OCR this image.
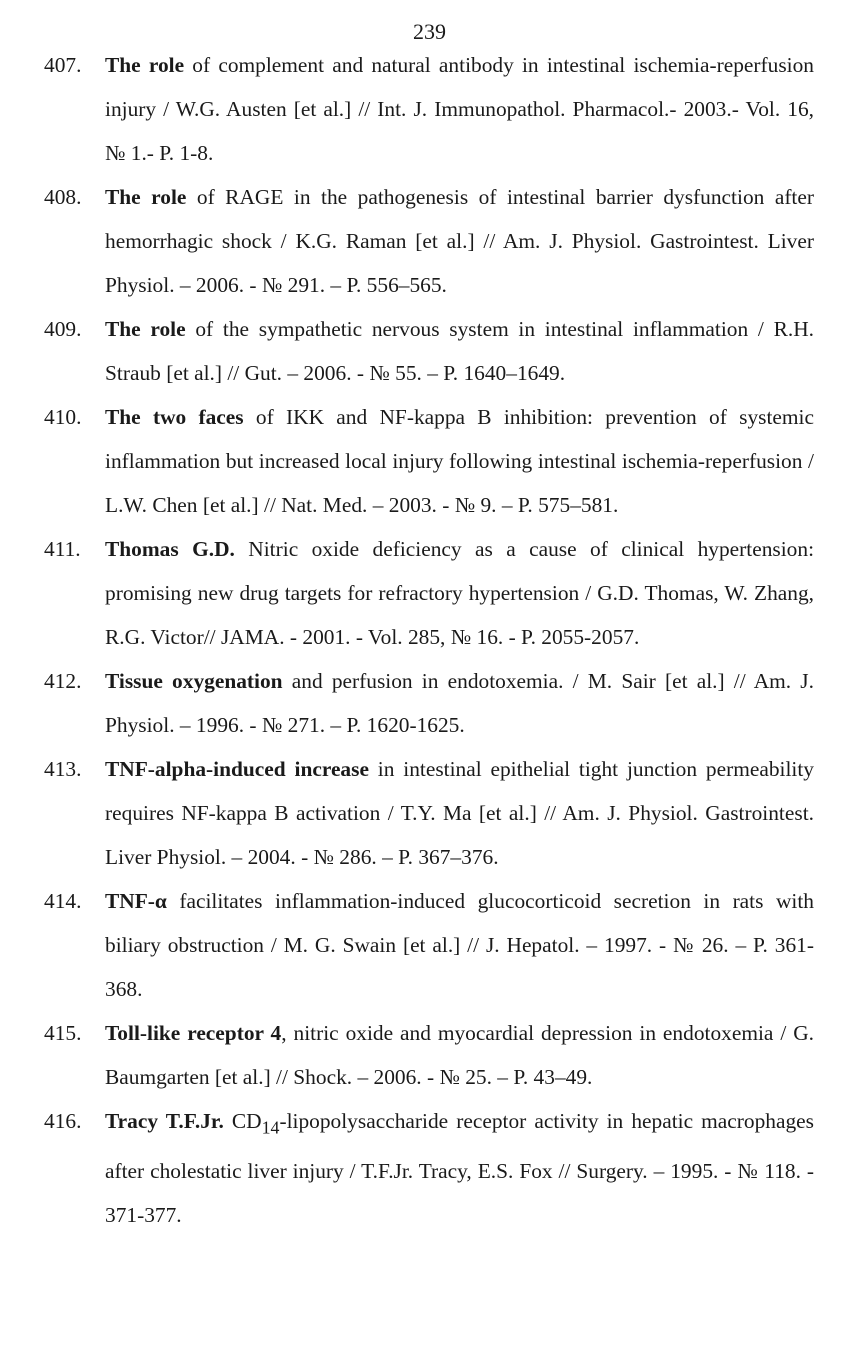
239
407.	The role of complement and natural antibody in intestinal ischemia-reperfusion injury / W.G. Austen [et al.] // Int. J. Immunopathol. Pharmacol.- 2003.- Vol. 16, № 1.- P. 1-8.
408.	The role of RAGE in the pathogenesis of intestinal barrier dysfunction after hemorrhagic shock / K.G. Raman [et al.] // Am. J. Physiol. Gastrointest. Liver Physiol. – 2006. - № 291. – P. 556–565.
409.	The role of the sympathetic nervous system in intestinal inflammation / R.H. Straub [et al.] // Gut. – 2006. - № 55. – P. 1640–1649.
410.	The two faces of IKK and NF-kappa B inhibition: prevention of systemic inflammation but increased local injury following intestinal ischemia-reperfusion / L.W. Chen [et al.] // Nat. Med. – 2003. - № 9. – P. 575–581.
411.	Thomas G.D. Nitric oxide deficiency as a cause of clinical hypertension: promising new drug targets for refractory hypertension / G.D. Thomas, W. Zhang, R.G. Victor// JAMA. - 2001. - Vol. 285, № 16. - P. 2055-2057.
412.	Tissue oxygenation and perfusion in endotoxemia. / M. Sair [et al.] // Am. J. Physiol. – 1996. - № 271. – P. 1620-1625.
413.	TNF-alpha-induced increase in intestinal epithelial tight junction permeability requires NF-kappa B activation / T.Y. Ma [et al.] // Am. J. Physiol. Gastrointest. Liver Physiol. – 2004. - № 286. – P. 367–376.
414.	TNF-α facilitates inflammation-induced glucocorticoid secretion in rats with biliary obstruction / M. G. Swain [et al.] // J. Hepatol. – 1997. - № 26. – P. 361-368.
415.	Toll-like receptor 4, nitric oxide and myocardial depression in endotoxemia / G. Baumgarten [et al.] // Shock. – 2006. - № 25. – P. 43–49.
416.	Tracy T.F.Jr. $CD_{14}$-lipopolysaccharide receptor activity in hepatic macrophages after cholestatic liver injury / T.F.Jr. Tracy, E.S. Fox // Surgery. – 1995. - № 118. - 371-377.
